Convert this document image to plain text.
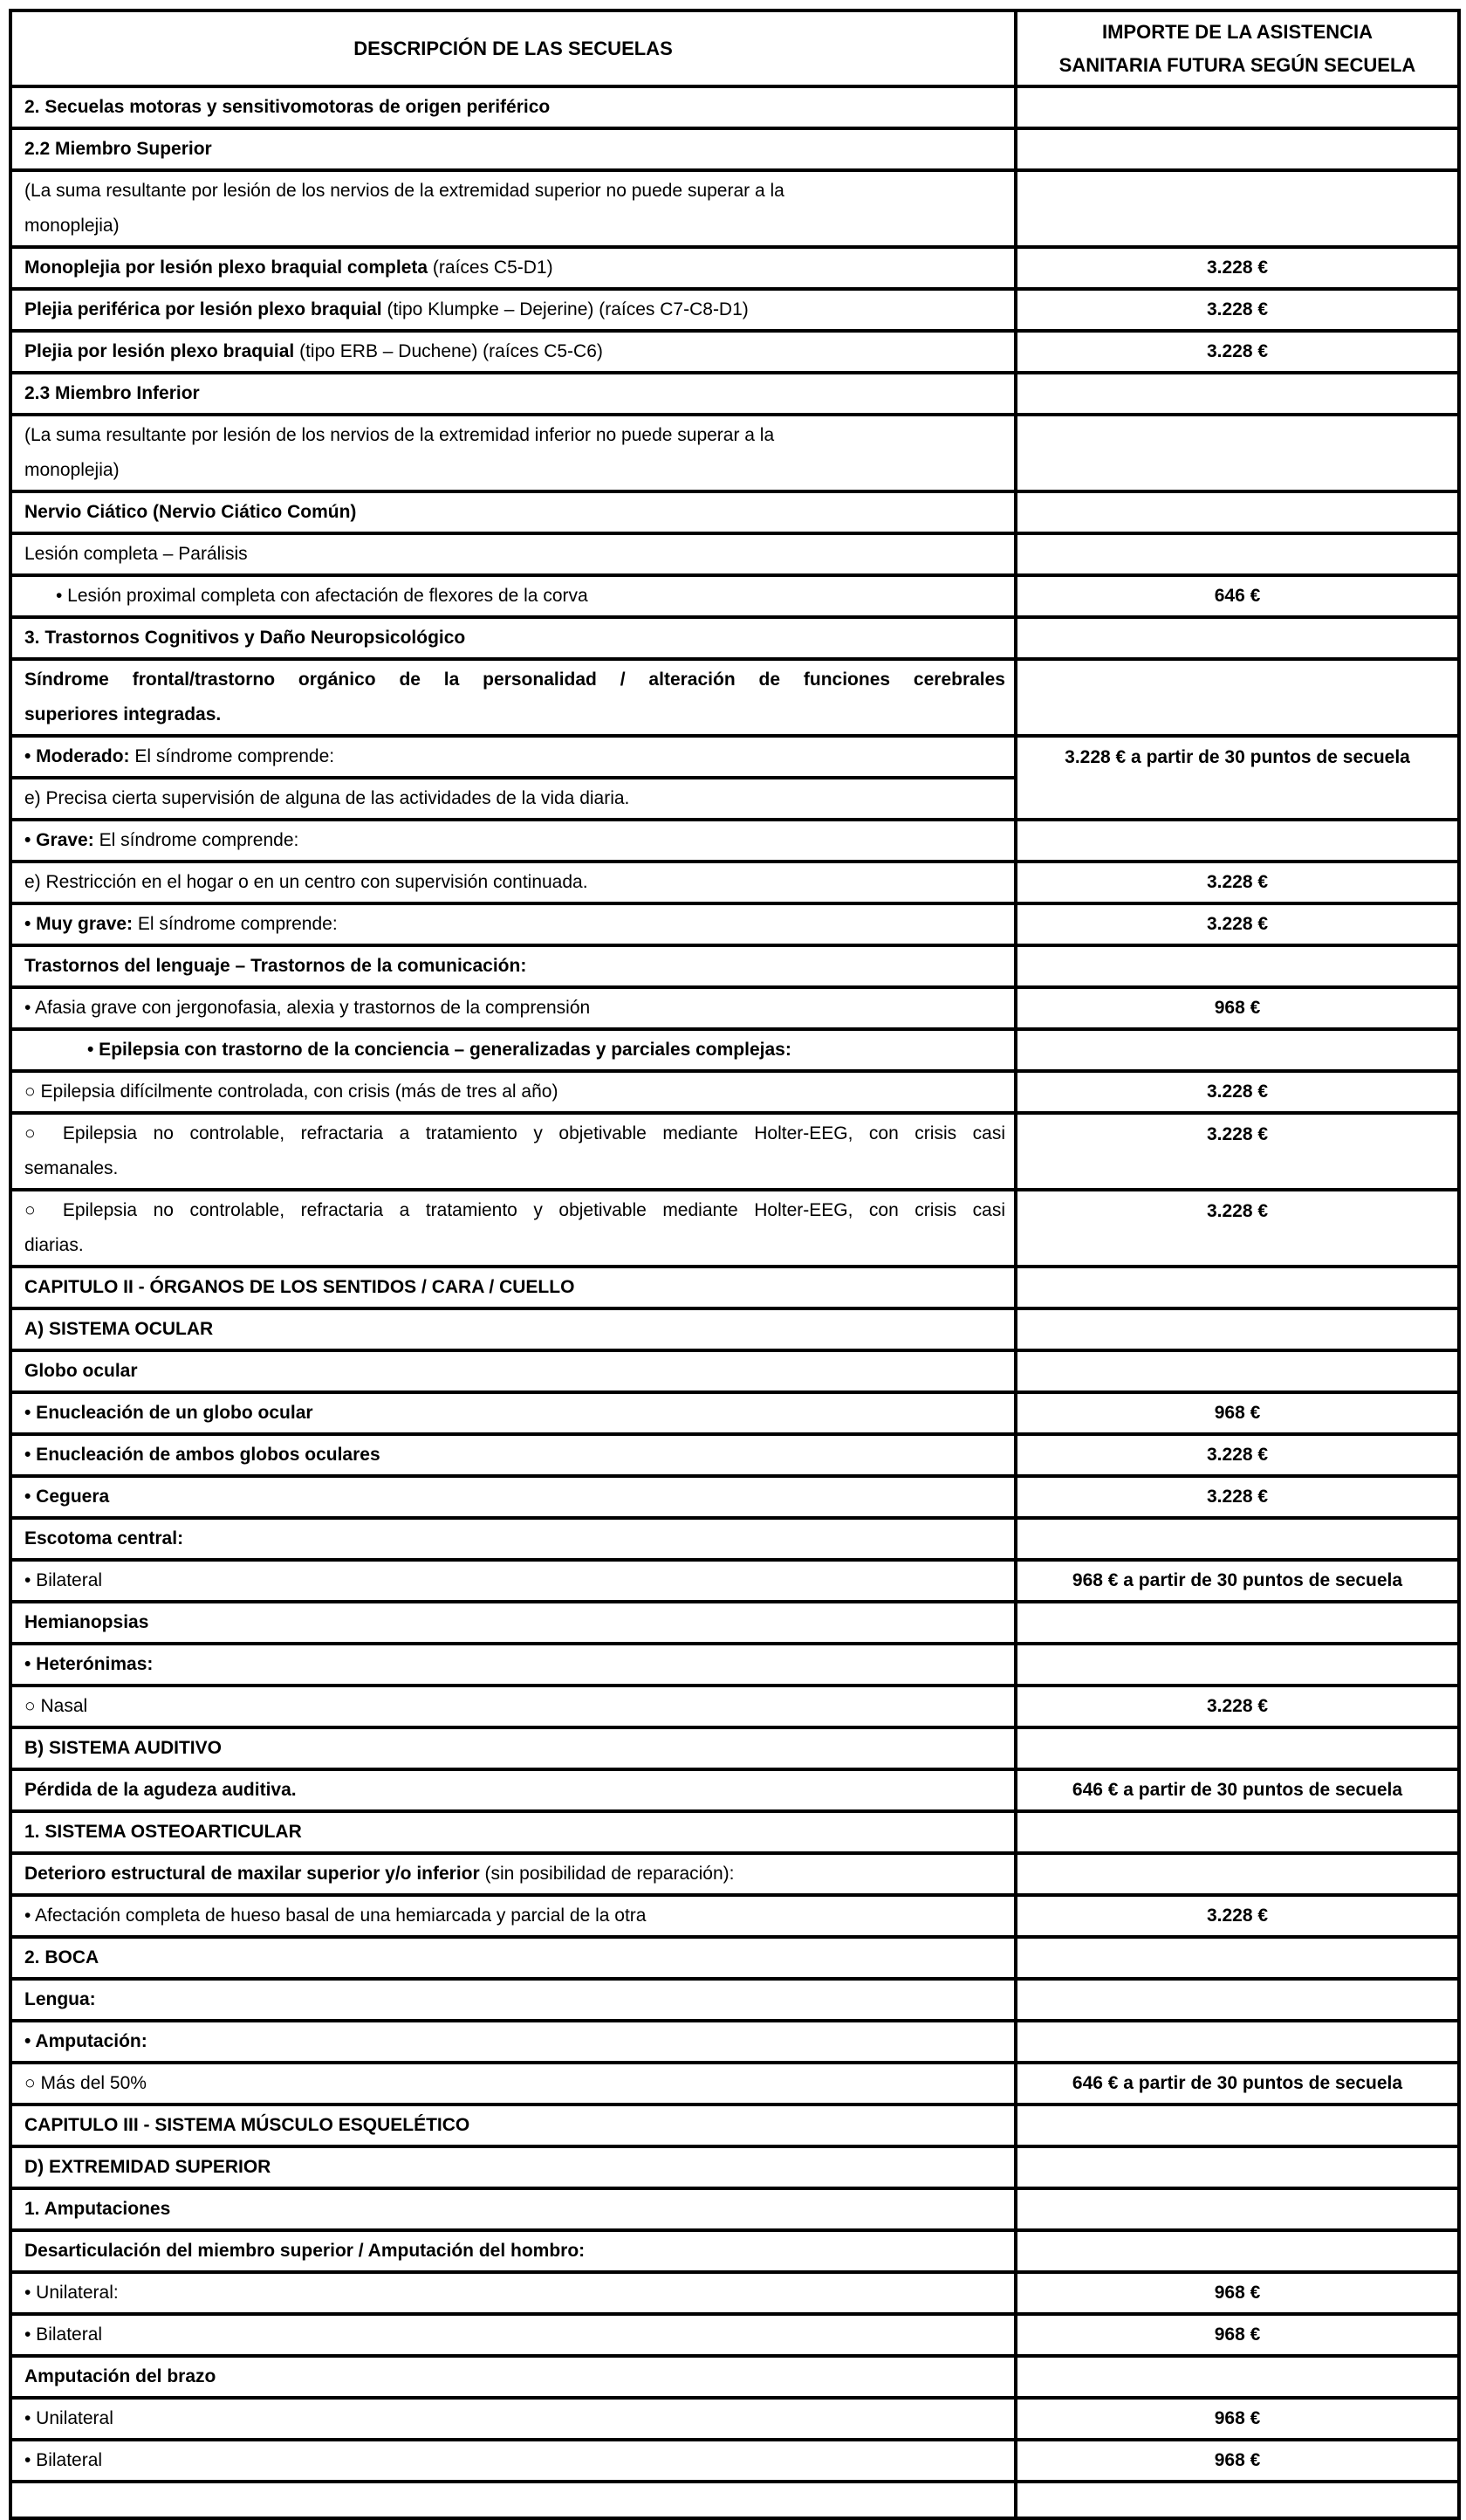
DESCRIPCIÓN DE LAS SECUELAS	IMPORTE DE LA ASISTENCIA
SANITARIA FUTURA SEGÚN SECUELA

2. Secuelas motoras y sensitivomotoras de origen periférico	

2.2 Miembro Superior	

(La suma resultante por lesión de los nervios de la extremidad superior no puede superar a la
monoplejia)	

Monoplejia por lesión plexo braquial completa (raíces C5-D1)	3.228 €

Plejia periférica por lesión plexo braquial (tipo Klumpke – Dejerine) (raíces C7-C8-D1)	3.228 €

Plejia por lesión plexo braquial (tipo ERB – Duchene) (raíces C5-C6)	3.228 €

2.3 Miembro Inferior	

(La suma resultante por lesión de los nervios de la extremidad inferior no puede superar a la
monoplejia)	

Nervio Ciático (Nervio Ciático Común)	

Lesión completa – Parálisis	

• Lesión proximal completa con afectación de flexores de la corva	646 €

3. Trastornos Cognitivos y Daño Neuropsicológico	

Síndrome frontal/trastorno orgánico de la personalidad / alteración de funciones cerebrales
superiores integradas.	

• Moderado: El síndrome comprende:	3.228 € a partir de 30 puntos de secuela

e) Precisa cierta supervisión de alguna de las actividades de la vida diaria.	

• Grave: El síndrome comprende:	

e) Restricción en el hogar o en un centro con supervisión continuada.	3.228 €

• Muy grave: El síndrome comprende:	3.228 €

Trastornos del lenguaje – Trastornos de la comunicación:	

• Afasia grave con jergonofasia, alexia y trastornos de la comprensión	968 €

• Epilepsia con trastorno de la conciencia – generalizadas y parciales complejas:	

○ Epilepsia difícilmente controlada, con crisis (más de tres al año)	3.228 €

○ Epilepsia no controlable, refractaria a tratamiento y objetivable mediante Holter-EEG, con crisis casi
semanales.	3.228 €

○ Epilepsia no controlable, refractaria a tratamiento y objetivable mediante Holter-EEG, con crisis casi
diarias.	3.228 €

CAPITULO II - ÓRGANOS DE LOS SENTIDOS / CARA / CUELLO	

A) SISTEMA OCULAR	

Globo ocular	

• Enucleación de un globo ocular	968 €

• Enucleación de ambos globos oculares	3.228 €

• Ceguera	3.228 €

Escotoma central:	

• Bilateral	968 € a partir de 30 puntos de secuela

Hemianopsias	

• Heterónimas:	

○ Nasal	3.228 €

B) SISTEMA AUDITIVO	

Pérdida de la agudeza auditiva.	646 € a partir de 30 puntos de secuela

1. SISTEMA OSTEOARTICULAR	

Deterioro estructural de maxilar superior y/o inferior (sin posibilidad de reparación):	

• Afectación completa de hueso basal de una hemiarcada y parcial de la otra	3.228 €

2. BOCA	

Lengua:	

• Amputación:	

○ Más del 50%	646 € a partir de 30 puntos de secuela

CAPITULO III - SISTEMA MÚSCULO ESQUELÉTICO	

D) EXTREMIDAD SUPERIOR	

1. Amputaciones	

Desarticulación del miembro superior / Amputación del hombro:	

• Unilateral:	968 €

• Bilateral	968 €

Amputación del brazo	

• Unilateral	968 €

• Bilateral	968 €
